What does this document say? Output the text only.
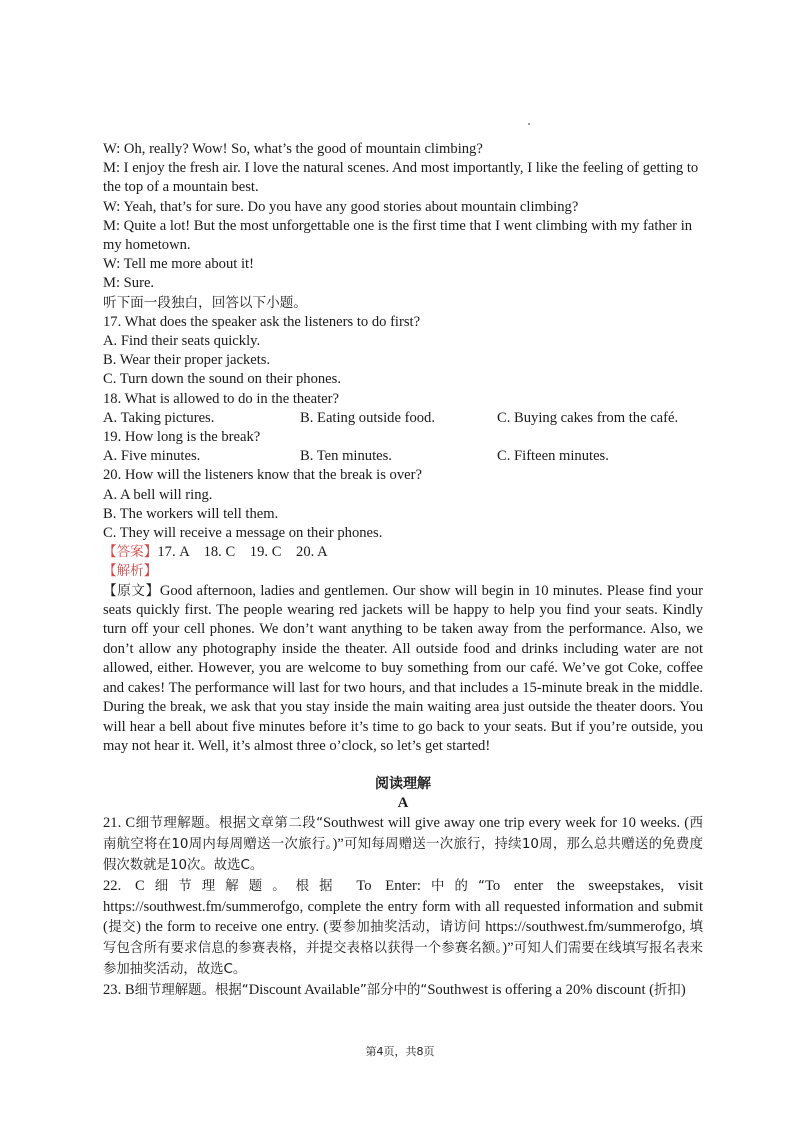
W: Oh, really? Wow! So, what’s the good of mountain climbing?
M: I enjoy the fresh air. I love the natural scenes. And most importantly, I like the feeling of getting to
the top of a mountain best.
W: Yeah, that’s for sure. Do you have any good stories about mountain climbing?
M: Quite a lot! But the most unforgettable one is the first time that I went climbing with my father in
my hometown.
W: Tell me more about it!
M: Sure.
听下面一段独白，回答以下小题。
17. What does the speaker ask the listeners to do first?
A. Find their seats quickly.
B. Wear their proper jackets.
C. Turn down the sound on their phones.
18. What is allowed to do in the theater?
A. Taking pictures.	B. Eating outside food.	C. Buying cakes from the café.
19. How long is the break?
A. Five minutes.	B. Ten minutes.	C. Fifteen minutes.
20. How will the listeners know that the break is over?
A. A bell will ring.
B. The workers will tell them.
C. They will receive a message on their phones.
【答案】17. A    18. C    19. C    20. A
【解析】
【原文】Good afternoon, ladies and gentlemen. Our show will begin in 10 minutes. Please find your seats quickly first. The people wearing red jackets will be happy to help you find your seats. Kindly turn off your cell phones. We don’t want anything to be taken away from the performance. Also, we don’t allow any photography inside the theater. All outside food and drinks including water are not allowed, either. However, you are welcome to buy something from our café. We’ve got Coke, coffee and cakes! The performance will last for two hours, and that includes a 15-minute break in the middle. During the break, we ask that you stay inside the main waiting area just outside the theater doors. You will hear a bell about five minutes before it’s time to go back to your seats. But if you’re outside, you may not hear it. Well, it’s almost three o’clock, so let’s get started!
阅读理解
A
21. C细节理解题。根据文章第二段“Southwest will give away one trip every week for 10 weeks. (西南航空将在10周内每周赠送一次旅行。)”可知每周赠送一次旅行，持续10周，那么总共赠送的免费度假次数就是10次。故选C。
22. C细节理解题。根据 To Enter:中的“To enter the sweepstakes, visit https://southwest.fm/summerofgo, complete the entry form with all requested information and submit (提交) the form to receive one entry. (要参加抽奖活动，请访问 https://southwest.fm/summerofgo, 填写包含所有要求信息的参赛表格，并提交表格以获得一个参赛名额。)”可知人们需要在线填写报名表来参加抽奖活动，故选C。
23. B细节理解题。根据“Discount Available”部分中的“Southwest is offering a 20% discount (折扣)
第4页，共8页
